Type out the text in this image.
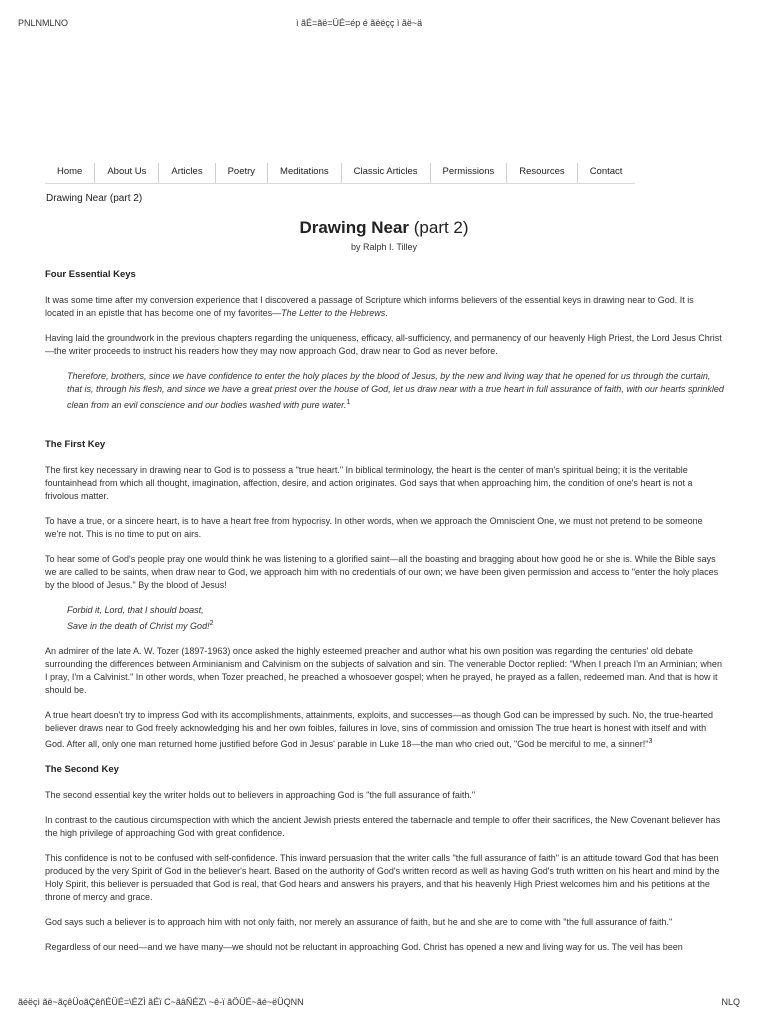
PNLNMLNO	ì ãÉ=ãë=ÜÉ=ép é ãëëçç ì ãë~ä
Home	About Us	Articles	Poetry	Meditations	Classic Articles	Permissions	Resources	Contact
Drawing Near (part 2)
Drawing Near (part 2)
by Ralph I. Tilley
Four Essential Keys

It was some time after my conversion experience that I discovered a passage of Scripture which informs believers of the essential keys in drawing near to God. It is located in an epistle that has become one of my favorites—The Letter to the Hebrews.

Having laid the groundwork in the previous chapters regarding the uniqueness, efficacy, all-sufficiency, and permanency of our heavenly High Priest, the Lord Jesus Christ—the writer proceeds to instruct his readers how they may now approach God, draw near to God as never before.

Therefore, brothers, since we have confidence to enter the holy places by the blood of Jesus, by the new and living way that he opened for us through the curtain, that is, through his flesh, and since we have a great priest over the house of God, let us draw near with a true heart in full assurance of faith, with our hearts sprinkled clean from an evil conscience and our bodies washed with pure water.$^1$
The First Key

The first key necessary in drawing near to God is to possess a "true heart." In biblical terminology, the heart is the center of man's spiritual being; it is the veritable fountainhead from which all thought, imagination, affection, desire, and action originates. God says that when approaching him, the condition of one's heart is not a frivolous matter.

To have a true, or a sincere heart, is to have a heart free from hypocrisy. In other words, when we approach the Omniscient One, we must not pretend to be someone we're not. This is no time to put on airs.

To hear some of God's people pray one would think he was listening to a glorified saint—all the boasting and bragging about how good he or she is. While the Bible says we are called to be saints, when draw near to God, we approach him with no credentials of our own; we have been given permission and access to "enter the holy places by the blood of Jesus." By the blood of Jesus!

Forbid it, Lord, that I should boast,
Save in the death of Christ my God!$^2$

An admirer of the late A. W. Tozer (1897-1963) once asked the highly esteemed preacher and author what his own position was regarding the centuries' old debate surrounding the differences between Arminianism and Calvinism on the subjects of salvation and sin. The venerable Doctor replied: "When I preach I'm an Arminian; when I pray, I'm a Calvinist." In other words, when Tozer preached, he preached a whosoever gospel; when he prayed, he prayed as a fallen, redeemed man. And that is how it should be.

A true heart doesn't try to impress God with its accomplishments, attainments, exploits, and successes—as though God can be impressed by such. No, the true-hearted believer draws near to God freely acknowledging his and her own foibles, failures in love, sins of commission and omission The true heart is honest with itself and with God. After all, only one man returned home justified before God in Jesus' parable in Luke 18—the man who cried out, "God be merciful to me, a sinner!"$^3$

The Second Key

The second essential key the writer holds out to believers in approaching God is "the full assurance of faith."

In contrast to the cautious circumspection with which the ancient Jewish priests entered the tabernacle and temple to offer their sacrifices, the New Covenant believer has the high privilege of approaching God with great confidence.

This confidence is not to be confused with self-confidence. This inward persuasion that the writer calls "the full assurance of faith" is an attitude toward God that has been produced by the very Spirit of God in the believer's heart. Based on the authority of God's written record as well as having God's truth written on his heart and mind by the Holy Spirit, this believer is persuaded that God is real, that God hears and answers his prayers, and that his heavenly High Priest welcomes him and his petitions at the throne of mercy and grace.

God says such a believer is to approach him with not only faith, nor merely an assurance of faith, but he and she are to come with "the full assurance of faith."

Regardless of our need—and we have many—we should not be reluctant in approaching God. Christ has opened a new and living way for us. The veil has been

ãéëçì ãë~ãçêÜoãÇêñÉÜÉ=\ÉZÌ ãÉï C~ãâÑÉZ\ ~ê-ï ãÖÜÉ~ãé~ëÜQNN	NLQ
